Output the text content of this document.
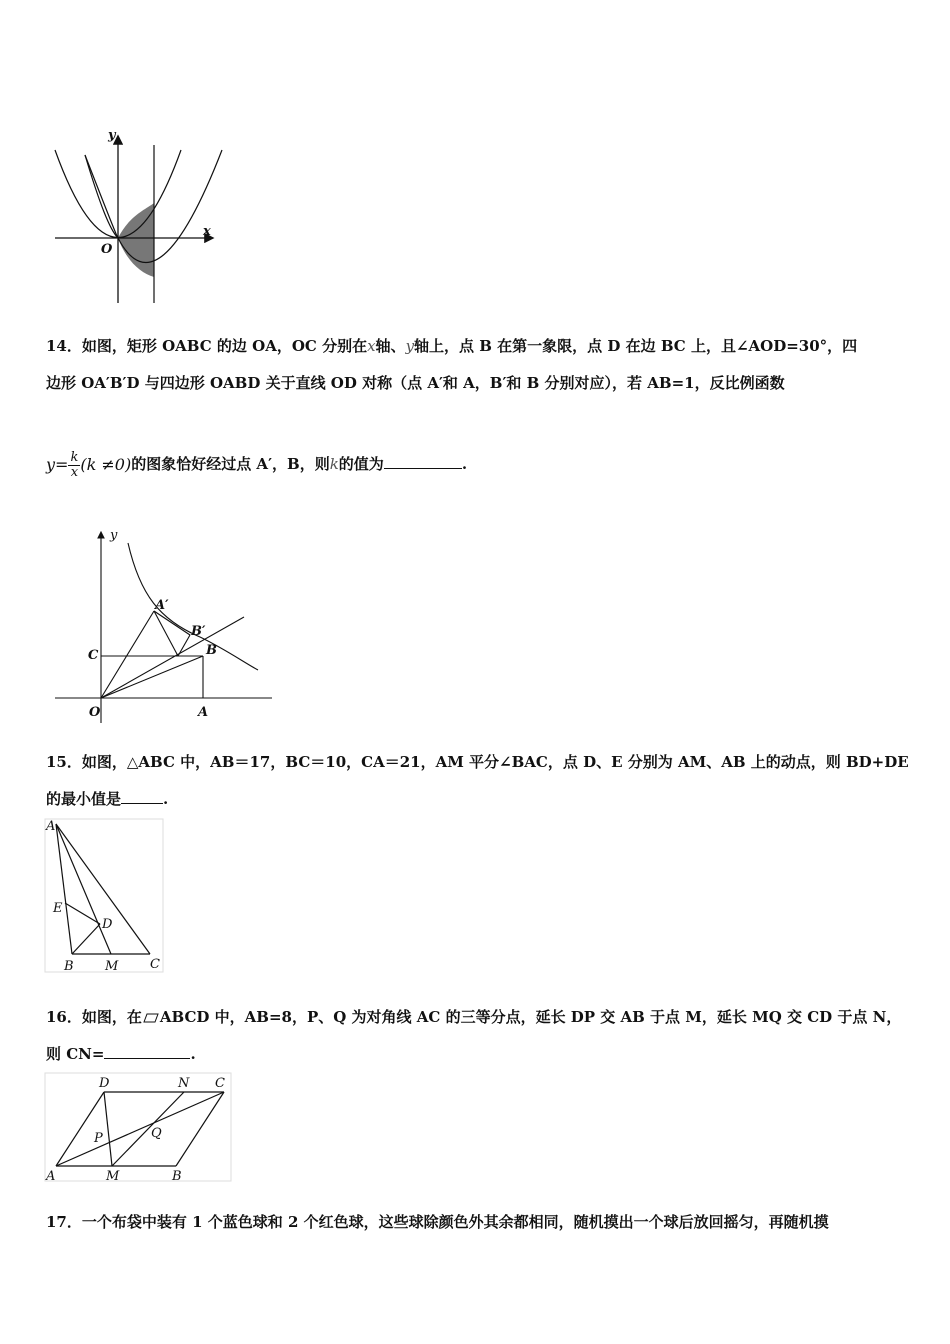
y
x
O
14．如图，矩形 OABC 的边 OA，OC 分别在x轴、y轴上，点 B 在第一象限，点 D 在边 BC 上，且∠AOD=30°，四
边形 OA′B′D 与四边形 OABD 关于直线 OD 对称（点 A′和 A，B′和 B 分别对应），若 AB=1，反比例函数
$y= \frac{k}{x} (k \ne 0)$的图象恰好经过点 A′，B，则k的值为	.
y
O	A
C	B
A′
B′
15．如图，△ABC 中，AB＝17，BC＝10，CA＝21，AM 平分∠BAC，点 D、E 分别为 AM、AB 上的动点，则 BD+DE
的最小值是	.
A
E
D
B M C
16．如图，在 ABCD 中，AB=8，P、Q 为对角线 AC 的三等分点，延长 DP 交 AB 于点 M，延长 MQ 交 CD 于点 N，
则 CN=	.
D	N C
P	Q
A	M	B
17．一个布袋中装有 1 个蓝色球和 2 个红色球，这些球除颜色外其余都相同，随机摸出一个球后放回摇匀，再随机摸
